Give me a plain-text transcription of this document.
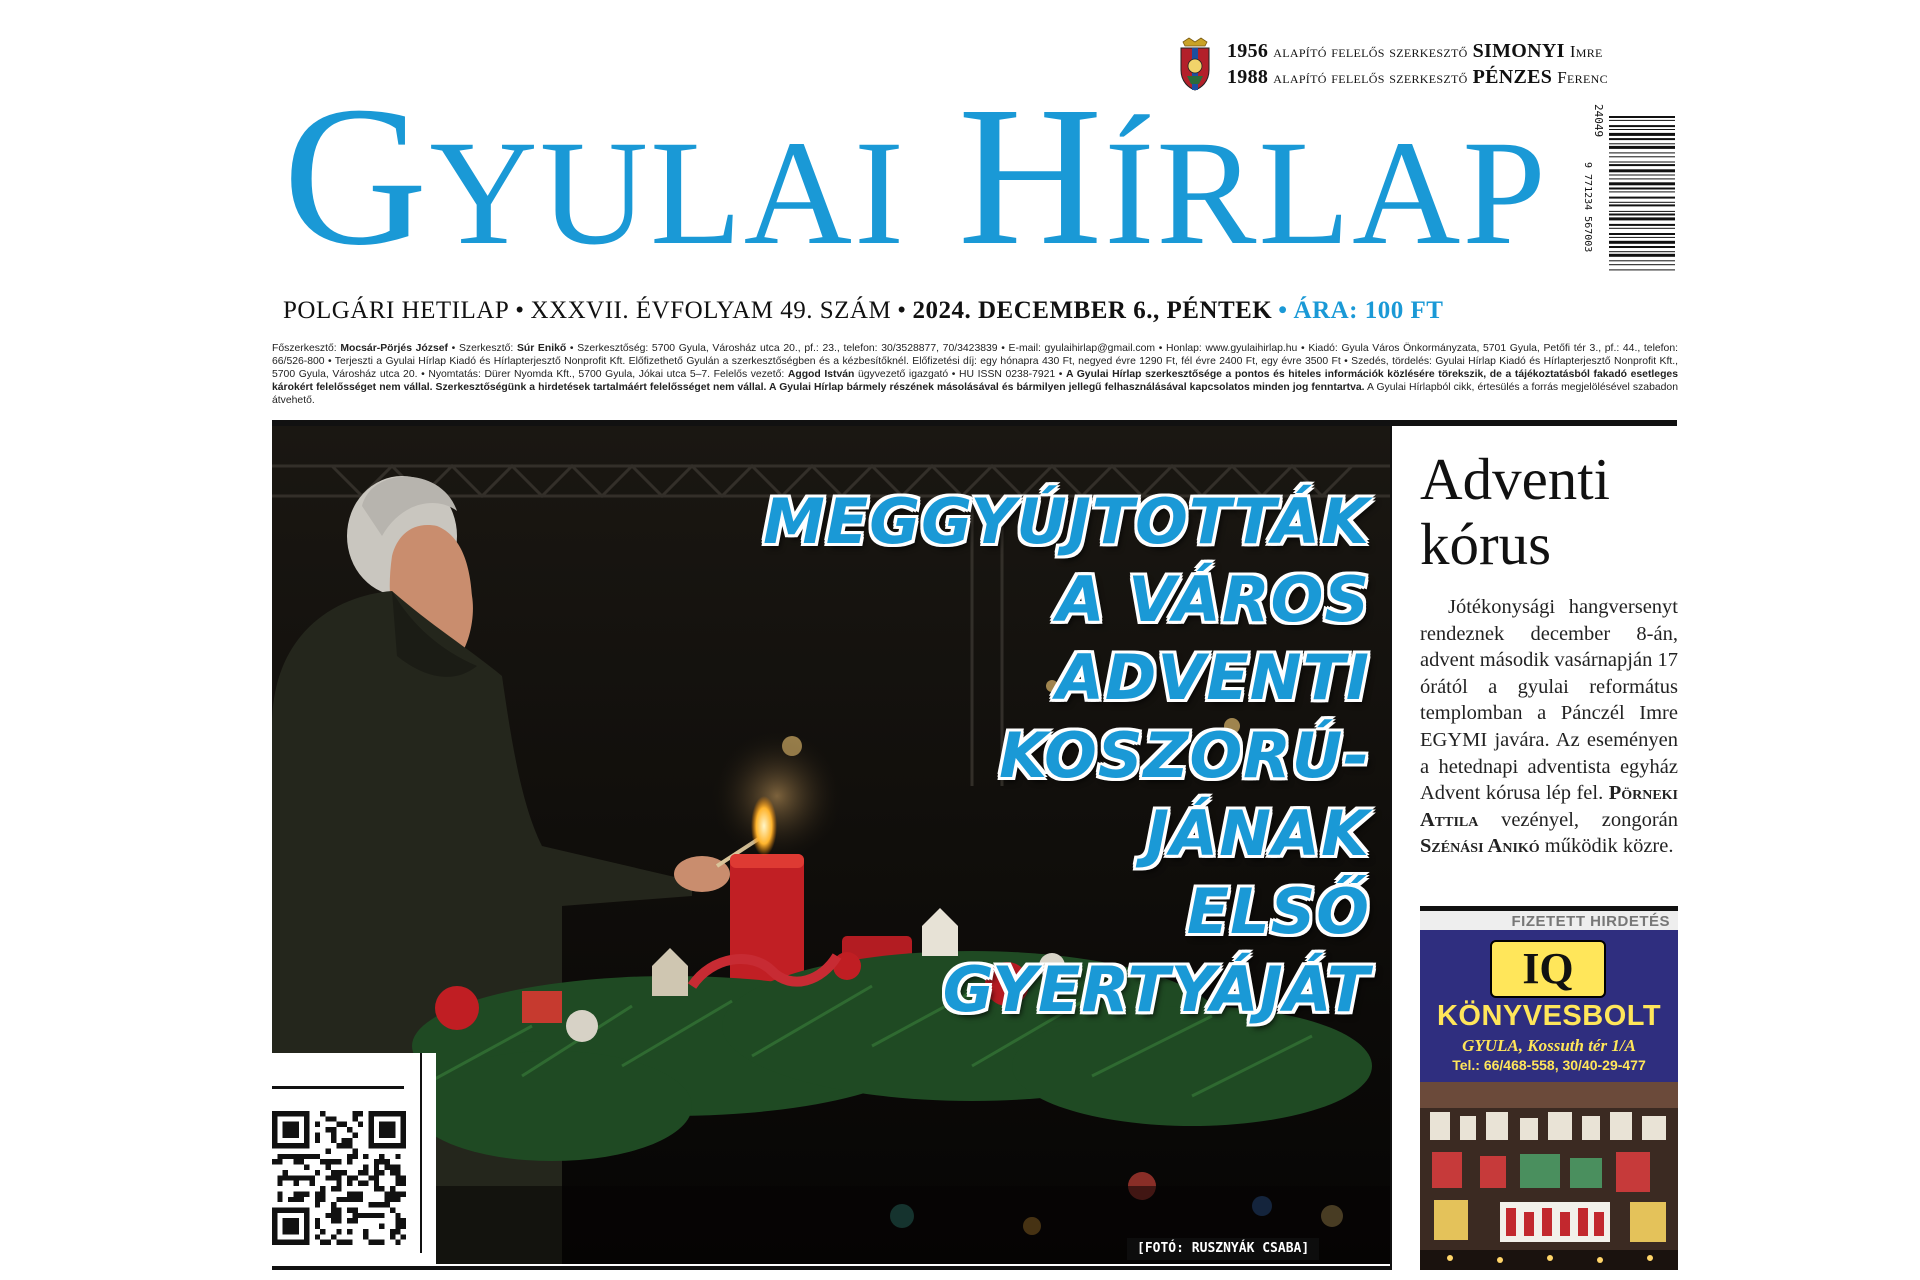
1956 alapító felelős szerkesztő SIMONYI Imre
1988 alapító felelős szerkesztő PÉNZES Ferenc
GYULAI HÍRLAP	24049
9 771234 567003
POLGÁRI HETILAP • XXXVII. ÉVFOLYAM 49. SZÁM • 2024. DECEMBER 6., PÉNTEK • ÁRA: 100 FT
Főszerkesztő: Mocsár-Pörjés József • Szerkesztő: Súr Enikő • Szerkesztőség: 5700 Gyula, Városház utca 20., pf.: 23., telefon: 30/3528877, 70/3423839 • E-mail: gyulaihirlap@gmail.com • Honlap: www.gyulaihirlap.hu • Kiadó: Gyula Város Önkormányzata, 5701 Gyula, Petőfi tér 3., pf.: 44., telefon: 66/526-800 • Terjeszti a Gyulai Hírlap Kiadó és Hírlapterjesztő Nonprofit Kft. Előfizethető Gyulán a szerkesztőségben és a kézbesítőknél. Előfizetési díj: egy hónapra 430 Ft, negyed évre 1290 Ft, fél évre 2400 Ft, egy évre 3500 Ft • Szedés, tördelés: Gyulai Hírlap Kiadó és Hírlapterjesztő Nonprofit Kft., 5700 Gyula, Városház utca 20. • Nyomtatás: Dürer Nyomda Kft., 5700 Gyula, Jókai utca 5–7. Felelős vezető: Aggod István ügyvezető igazgató • HU ISSN 0238-7921 • A Gyulai Hírlap szerkesztősége a pontos és hiteles információk közlésére törekszik, de a tájékoztatásból fakadó esetleges károkért felelősséget nem vállal. Szerkesztőségünk a hirdetések tartalmáért felelősséget nem vállal. A Gyulai Hírlap bármely részének másolásával és bármilyen jellegű felhasználásával kapcsolatos minden jog fenntartva. A Gyulai Hírlapból cikk, értesülés a forrás megjelölésével szabadon átvehető.
MEGGYÚJTOTTÁK
A VÁROS
ADVENTI
KOSZORÚ-
JÁNAK
ELSŐ
GYERTYÁJÁT
[FOTÓ: RUSZNYÁK CSABA]
Adventi
kórus
Jótékonysági hangversenyt rendeznek december 8-án, advent második vasárnapján 17 órától a gyulai református templomban a Pánczél Imre EGYMI javára. Az eseményen a hetednapi adventista egyház Advent kórusa lép fel. Pörneki Attila vezényel, zongorán Szénási Anikó működik közre.
FIZETETT HIRDETÉS
IQ
KÖNYVESBOLT
GYULA, Kossuth tér 1/A
Tel.: 66/468-558, 30/40-29-477
